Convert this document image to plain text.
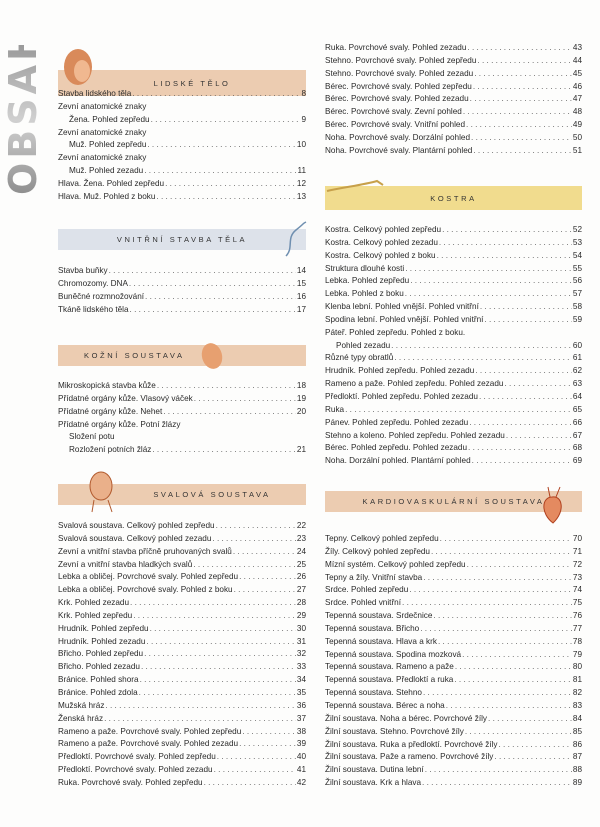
OBSAH	LIDSKÉ TĚLO
VNITŘNÍ STAVBA TĚLA
KOŽNÍ SOUSTAVA
SVALOVÁ SOUSTAVA
KOSTRA
KARDIOVASKULÁRNÍ SOUSTAVA
Stavba lidského těla . . .	8
Zevní anatomické znaky
Žena. Pohled zepředu . . .	9
Zevní anatomické znaky
Muž. Pohled zepředu . . .	10
Zevní anatomické znaky
Muž. Pohled zezadu . . .	11
Hlava. Žena. Pohled zepředu . . .	12
Hlava. Muž. Pohled z boku . . .	13
Stavba buňky . . .	14
Chromozomy. DNA . . .	15
Buněčné rozmnožování . . .	16
Tkáně lidského těla . . .	17
Mikroskopická stavba kůže . . .	18
Přídatné orgány kůže. Vlasový váček . . .	19
Přídatné orgány kůže. Nehet . . .	20
Přídatné orgány kůže. Potní žlázy
Složení potu
Rozložení potních žláz . . .	21
Svalová soustava. Celkový pohled zepředu . . .	22
Svalová soustava. Celkový pohled zezadu . . .	23
Zevní a vnitřní stavba příčně pruhovaných svalů . . .	24
Zevní a vnitřní stavba hladkých svalů . . .	25
Lebka a obličej. Povrchové svaly. Pohled zepředu . . .	26
Lebka a obličej. Povrchové svaly. Pohled z boku . . .	27
Krk. Pohled zezadu . . .	28
Krk. Pohled zepředu . . .	29
Hrudník. Pohled zepředu . . .	30
Hrudník. Pohled zezadu . . .	31
Břicho. Pohled zepředu . . .	32
Břicho. Pohled zezadu . . .	33
Bránice. Pohled shora . . .	34
Bránice. Pohled zdola . . .	35
Mužská hráz . . .	36
Ženská hráz . . .	37
Rameno a paže. Povrchové svaly. Pohled zepředu . . .	38
Rameno a paže. Povrchové svaly. Pohled zezadu . . .	39
Předloktí. Povrchové svaly. Pohled zepředu . . .	40
Předloktí. Povrchové svaly. Pohled zezadu . . .	41
Ruka. Povrchové svaly. Pohled zepředu . . .	42
Ruka. Povrchové svaly. Pohled zezadu . . .	43
Stehno. Povrchové svaly. Pohled zepředu . . .	44
Stehno. Povrchové svaly. Pohled zezadu . . .	45
Bérec. Povrchové svaly. Pohled zepředu . . .	46
Bérec. Povrchové svaly. Pohled zezadu . . .	47
Bérec. Povrchové svaly. Zevní pohled . . .	48
Bérec. Povrchové svaly. Vnitřní pohled . . .	49
Noha. Povrchové svaly. Dorzální pohled . . .	50
Noha. Povrchové svaly. Plantární pohled . . .	51
Kostra. Celkový pohled zepředu . . .	52
Kostra. Celkový pohled zezadu . . .	53
Kostra. Celkový pohled z boku . . .	54
Struktura dlouhé kosti . . .	55
Lebka. Pohled zepředu . . .	56
Lebka. Pohled z boku . . .	57
Klenba lební. Pohled vnější. Pohled vnitřní . . .	58
Spodina lební. Pohled vnější. Pohled vnitřní . . .	59
Páteř. Pohled zepředu. Pohled z boku.
Pohled zezadu . . .	60
Různé typy obratlů . . .	61
Hrudník. Pohled zepředu. Pohled zezadu . . .	62
Rameno a paže. Pohled zepředu. Pohled zezadu . . .	63
Předloktí. Pohled zepředu. Pohled zezadu . . .	64
Ruka . . .	65
Pánev. Pohled zepředu. Pohled zezadu . . .	66
Stehno a koleno. Pohled zepředu. Pohled zezadu . . .	67
Bérec. Pohled zepředu. Pohled zezadu . . .	68
Noha. Dorzální pohled. Plantární pohled . . .	69
Tepny. Celkový pohled zepředu . . .	70
Žíly. Celkový pohled zepředu . . .	71
Mízní systém. Celkový pohled zepředu . . .	72
Tepny a žíly. Vnitřní stavba . . .	73
Srdce. Pohled zepředu . . .	74
Srdce. Pohled vnitřní . . .	75
Tepenná soustava. Srdečnice . . .	76
Tepenná soustava. Břicho . . .	77
Tepenná soustava. Hlava a krk . . .	78
Tepenná soustava. Spodina mozková . . .	79
Tepenná soustava. Rameno a paže . . .	80
Tepenná soustava. Předloktí a ruka . . .	81
Tepenná soustava. Stehno . . .	82
Tepenná soustava. Bérec a noha . . .	83
Žilní soustava. Noha a bérec. Povrchové žíly . . .	84
Žilní soustava. Stehno. Povrchové žíly . . .	85
Žilní soustava. Ruka a předloktí. Povrchové žíly . . .	86
Žilní soustava. Paže a rameno. Povrchové žíly . . .	87
Žilní soustava. Dutina lební . . .	88
Žilní soustava. Krk a hlava . . .	89
